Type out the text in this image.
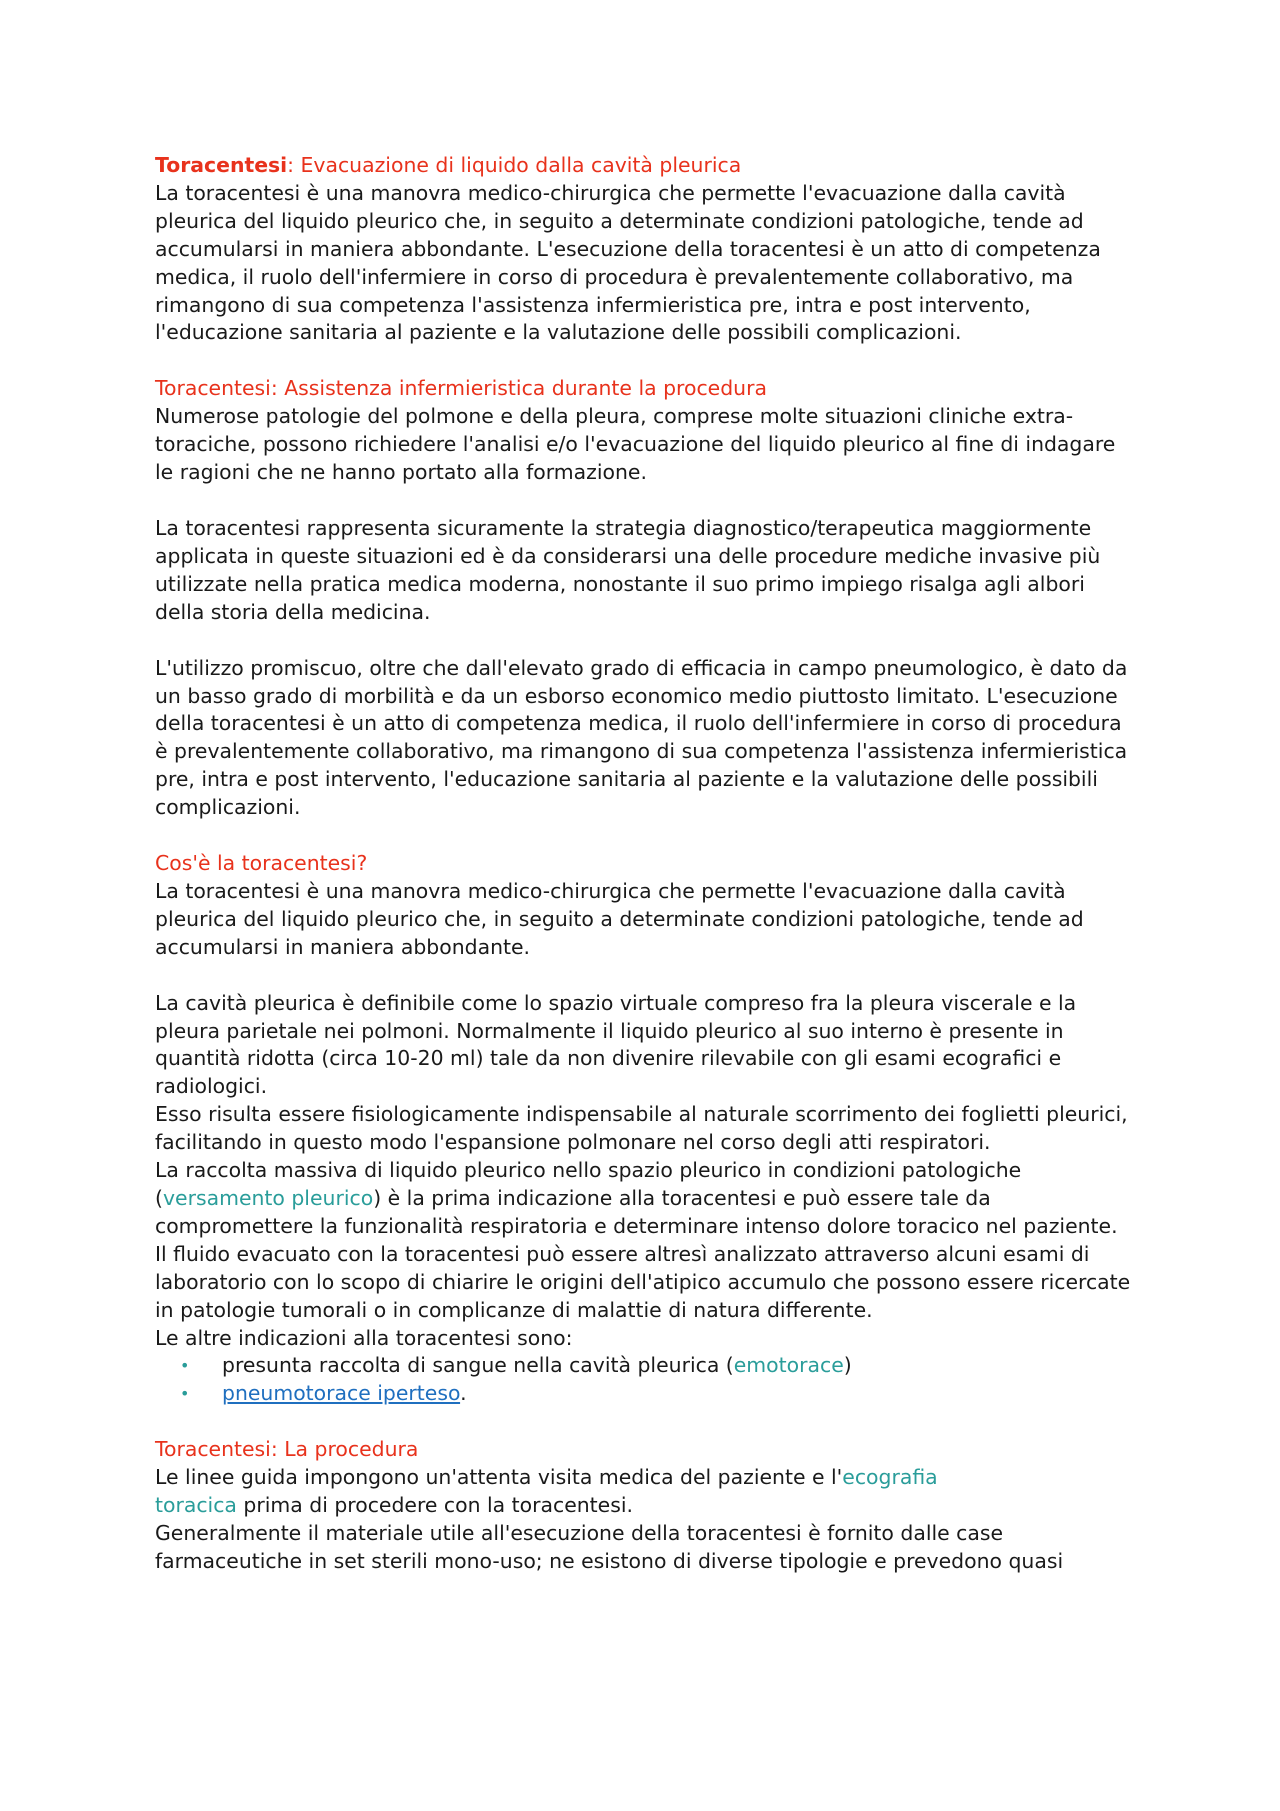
Toracentesi: Evacuazione di liquido dalla cavità pleurica

La toracentesi è una manovra medico-chirurgica che permette l'evacuazione dalla cavità pleurica del liquido pleurico che, in seguito a determinate condizioni patologiche, tende ad accumularsi in maniera abbondante. L'esecuzione della toracentesi è un atto di competenza medica, il ruolo dell'infermiere in corso di procedura è prevalentemente collaborativo, ma rimangono di sua competenza l'assistenza infermieristica pre, intra e post intervento, l'educazione sanitaria al paziente e la valutazione delle possibili complicazioni.

Toracentesi: Assistenza infermieristica durante la procedura

Numerose patologie del polmone e della pleura, comprese molte situazioni cliniche extra-toraciche, possono richiedere l'analisi e/o l'evacuazione del liquido pleurico al fine di indagare le ragioni che ne hanno portato alla formazione.

La toracentesi rappresenta sicuramente la strategia diagnostico/terapeutica maggiormente applicata in queste situazioni ed è da considerarsi una delle procedure mediche invasive più utilizzate nella pratica medica moderna, nonostante il suo primo impiego risalga agli albori della storia della medicina.

L'utilizzo promiscuo, oltre che dall'elevato grado di efficacia in campo pneumologico, è dato da un basso grado di morbilità e da un esborso economico medio piuttosto limitato. L'esecuzione della toracentesi è un atto di competenza medica, il ruolo dell'infermiere in corso di procedura è prevalentemente collaborativo, ma rimangono di sua competenza l'assistenza infermieristica pre, intra e post intervento, l'educazione sanitaria al paziente e la valutazione delle possibili complicazioni.

Cos'è la toracentesi?

La toracentesi è una manovra medico-chirurgica che permette l'evacuazione dalla cavità pleurica del liquido pleurico che, in seguito a determinate condizioni patologiche, tende ad accumularsi in maniera abbondante.

La cavità pleurica è definibile come lo spazio virtuale compreso fra la pleura viscerale e la pleura parietale nei polmoni. Normalmente il liquido pleurico al suo interno è presente in quantità ridotta (circa 10-20 ml) tale da non divenire rilevabile con gli esami ecografici e radiologici.

Esso risulta essere fisiologicamente indispensabile al naturale scorrimento dei foglietti pleurici, facilitando in questo modo l'espansione polmonare nel corso degli atti respiratori.

La raccolta massiva di liquido pleurico nello spazio pleurico in condizioni patologiche (versamento pleurico) è la prima indicazione alla toracentesi e può essere tale da compromettere la funzionalità respiratoria e determinare intenso dolore toracico nel paziente.

Il fluido evacuato con la toracentesi può essere altresì analizzato attraverso alcuni esami di laboratorio con lo scopo di chiarire le origini dell'atipico accumulo che possono essere ricercate in patologie tumorali o in complicanze di malattie di natura differente.

Le altre indicazioni alla toracentesi sono:

• presunta raccolta di sangue nella cavità pleurica (emotorace)
• pneumotorace iperteso.

Toracentesi: La procedura

Le linee guida impongono un'attenta visita medica del paziente e l'ecografia
toracica prima di procedere con la toracentesi.

Generalmente il materiale utile all'esecuzione della toracentesi è fornito dalle case farmaceutiche in set sterili mono-uso; ne esistono di diverse tipologie e prevedono quasi
